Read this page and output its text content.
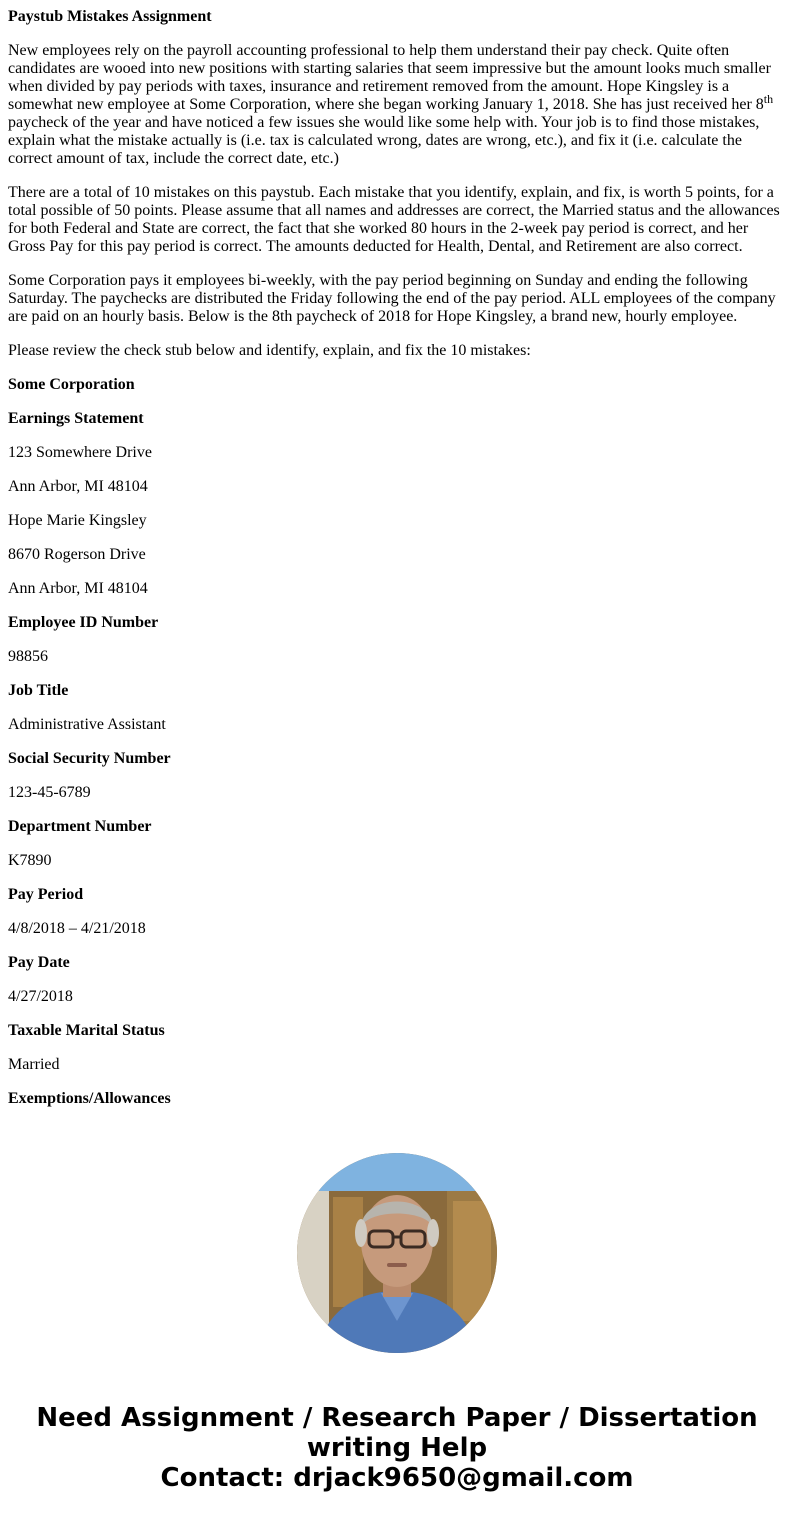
Paystub Mistakes Assignment

New employees rely on the payroll accounting professional to help them understand their pay check. Quite often candidates are wooed into new positions with starting salaries that seem impressive but the amount looks much smaller when divided by pay periods with taxes, insurance and retirement removed from the amount. Hope Kingsley is a somewhat new employee at Some Corporation, where she began working January 1, 2018. She has just received her 8th paycheck of the year and have noticed a few issues she would like some help with. Your job is to find those mistakes, explain what the mistake actually is (i.e. tax is calculated wrong, dates are wrong, etc.), and fix it (i.e. calculate the correct amount of tax, include the correct date, etc.)

There are a total of 10 mistakes on this paystub. Each mistake that you identify, explain, and fix, is worth 5 points, for a total possible of 50 points. Please assume that all names and addresses are correct, the Married status and the allowances for both Federal and State are correct, the fact that she worked 80 hours in the 2-week pay period is correct, and her Gross Pay for this pay period is correct. The amounts deducted for Health, Dental, and Retirement are also correct.

Some Corporation pays it employees bi-weekly, with the pay period beginning on Sunday and ending the following Saturday. The paychecks are distributed the Friday following the end of the pay period. ALL employees of the company are paid on an hourly basis. Below is the 8th paycheck of 2018 for Hope Kingsley, a brand new, hourly employee.

Please review the check stub below and identify, explain, and fix the 10 mistakes:

Some Corporation

Earnings Statement

123 Somewhere Drive

Ann Arbor, MI 48104

Hope Marie Kingsley

8670 Rogerson Drive

Ann Arbor, MI 48104

Employee ID Number

98856

Job Title

Administrative Assistant

Social Security Number

123-45-6789

Department Number

K7890

Pay Period

4/8/2018 – 4/21/2018

Pay Date

4/27/2018

Taxable Marital Status

Married

Exemptions/Allowances

Need Assignment / Research Paper / Dissertation
writing Help
Contact: drjack9650@gmail.com
